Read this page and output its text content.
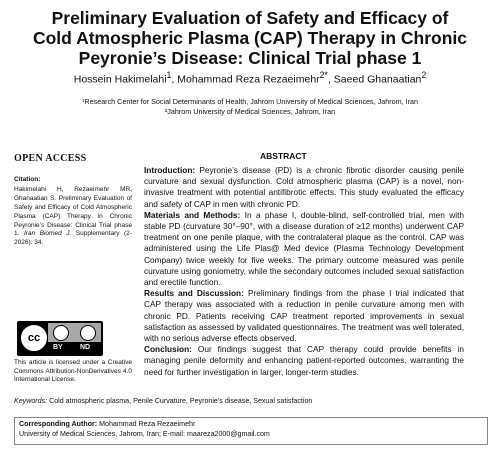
Preliminary Evaluation of Safety and Efficacy of
Cold Atmospheric Plasma (CAP) Therapy in Chronic
Peyronie’s Disease: Clinical Trial phase 1
Hossein Hakimelahi$^1$, Mohammad Reza Rezaeimehr$^{2*}$, Saeed Ghanaatian$^2$
¹Research Center for Social Determinants of Health, Jahrom University of Medical Sciences, Jahrom, Iran
²Jahrom University of Medical Sciences, Jahrom, Iran
OPEN ACCESS
Citation:
Hakimelahi H, Rezaeimehr MR, Ghanaatian S. Preliminary Evaluation of Safety and Efficacy of Cold Atmospheric Plasma (CAP) Therapy in Chronic Peyronie’s Disease: Clinical Trial phase 1. Iran Biomed J. Supplementary (2-2026): 34.
cc
BY ND
This article is licensed under a Creative Commons Attribution-NonDerivatives 4.0 International License.
ABSTRACT

Introduction: Peyronie’s disease (PD) is a chronic fibrotic disorder causing penile curvature and sexual dysfunction. Cold atmospheric plasma (CAP) is a novel, non-invasive treatment with potential antifibrotic effects. This study evaluated the efficacy and safety of CAP in men with chronic PD.

Materials and Methods: In a phase I, double-blind, self-controlled trial, men with stable PD (curvature 30°–90°, with a disease duration of ≥12 months) underwent CAP treatment on one penile plaque, with the contralateral plaque as the control. CAP was administered using the Life Plas@ Med device (Plasma Technology Development Company) twice weekly for five weeks. The primary outcome measured was penile curvature using goniometry, while the secondary outcomes included sexual satisfaction and erectile function.

Results and Discussion: Preliminary findings from the phase I trial indicated that CAP therapy was associated with a reduction in penile curvature among men with chronic PD. Patients receiving CAP treatment reported improvements in sexual satisfaction as assessed by validated questionnaires. The treatment was well tolerated, with no serious adverse effects observed.

Conclusion: Our findings suggest that CAP therapy could provide benefits in managing penile deformity and enhancing patient-reported outcomes, warranting the need for further investigation in larger, longer-term studies.

Keywords: Cold atmospheric plasma, Penile Curvature, Peyronie’s disease, Sexual satisfaction
Corresponding Author: Mohammad Reza Rezaeimehr
University of Medical Sciences, Jahrom, Iran; E-mail: maareza2000@gmail.com
